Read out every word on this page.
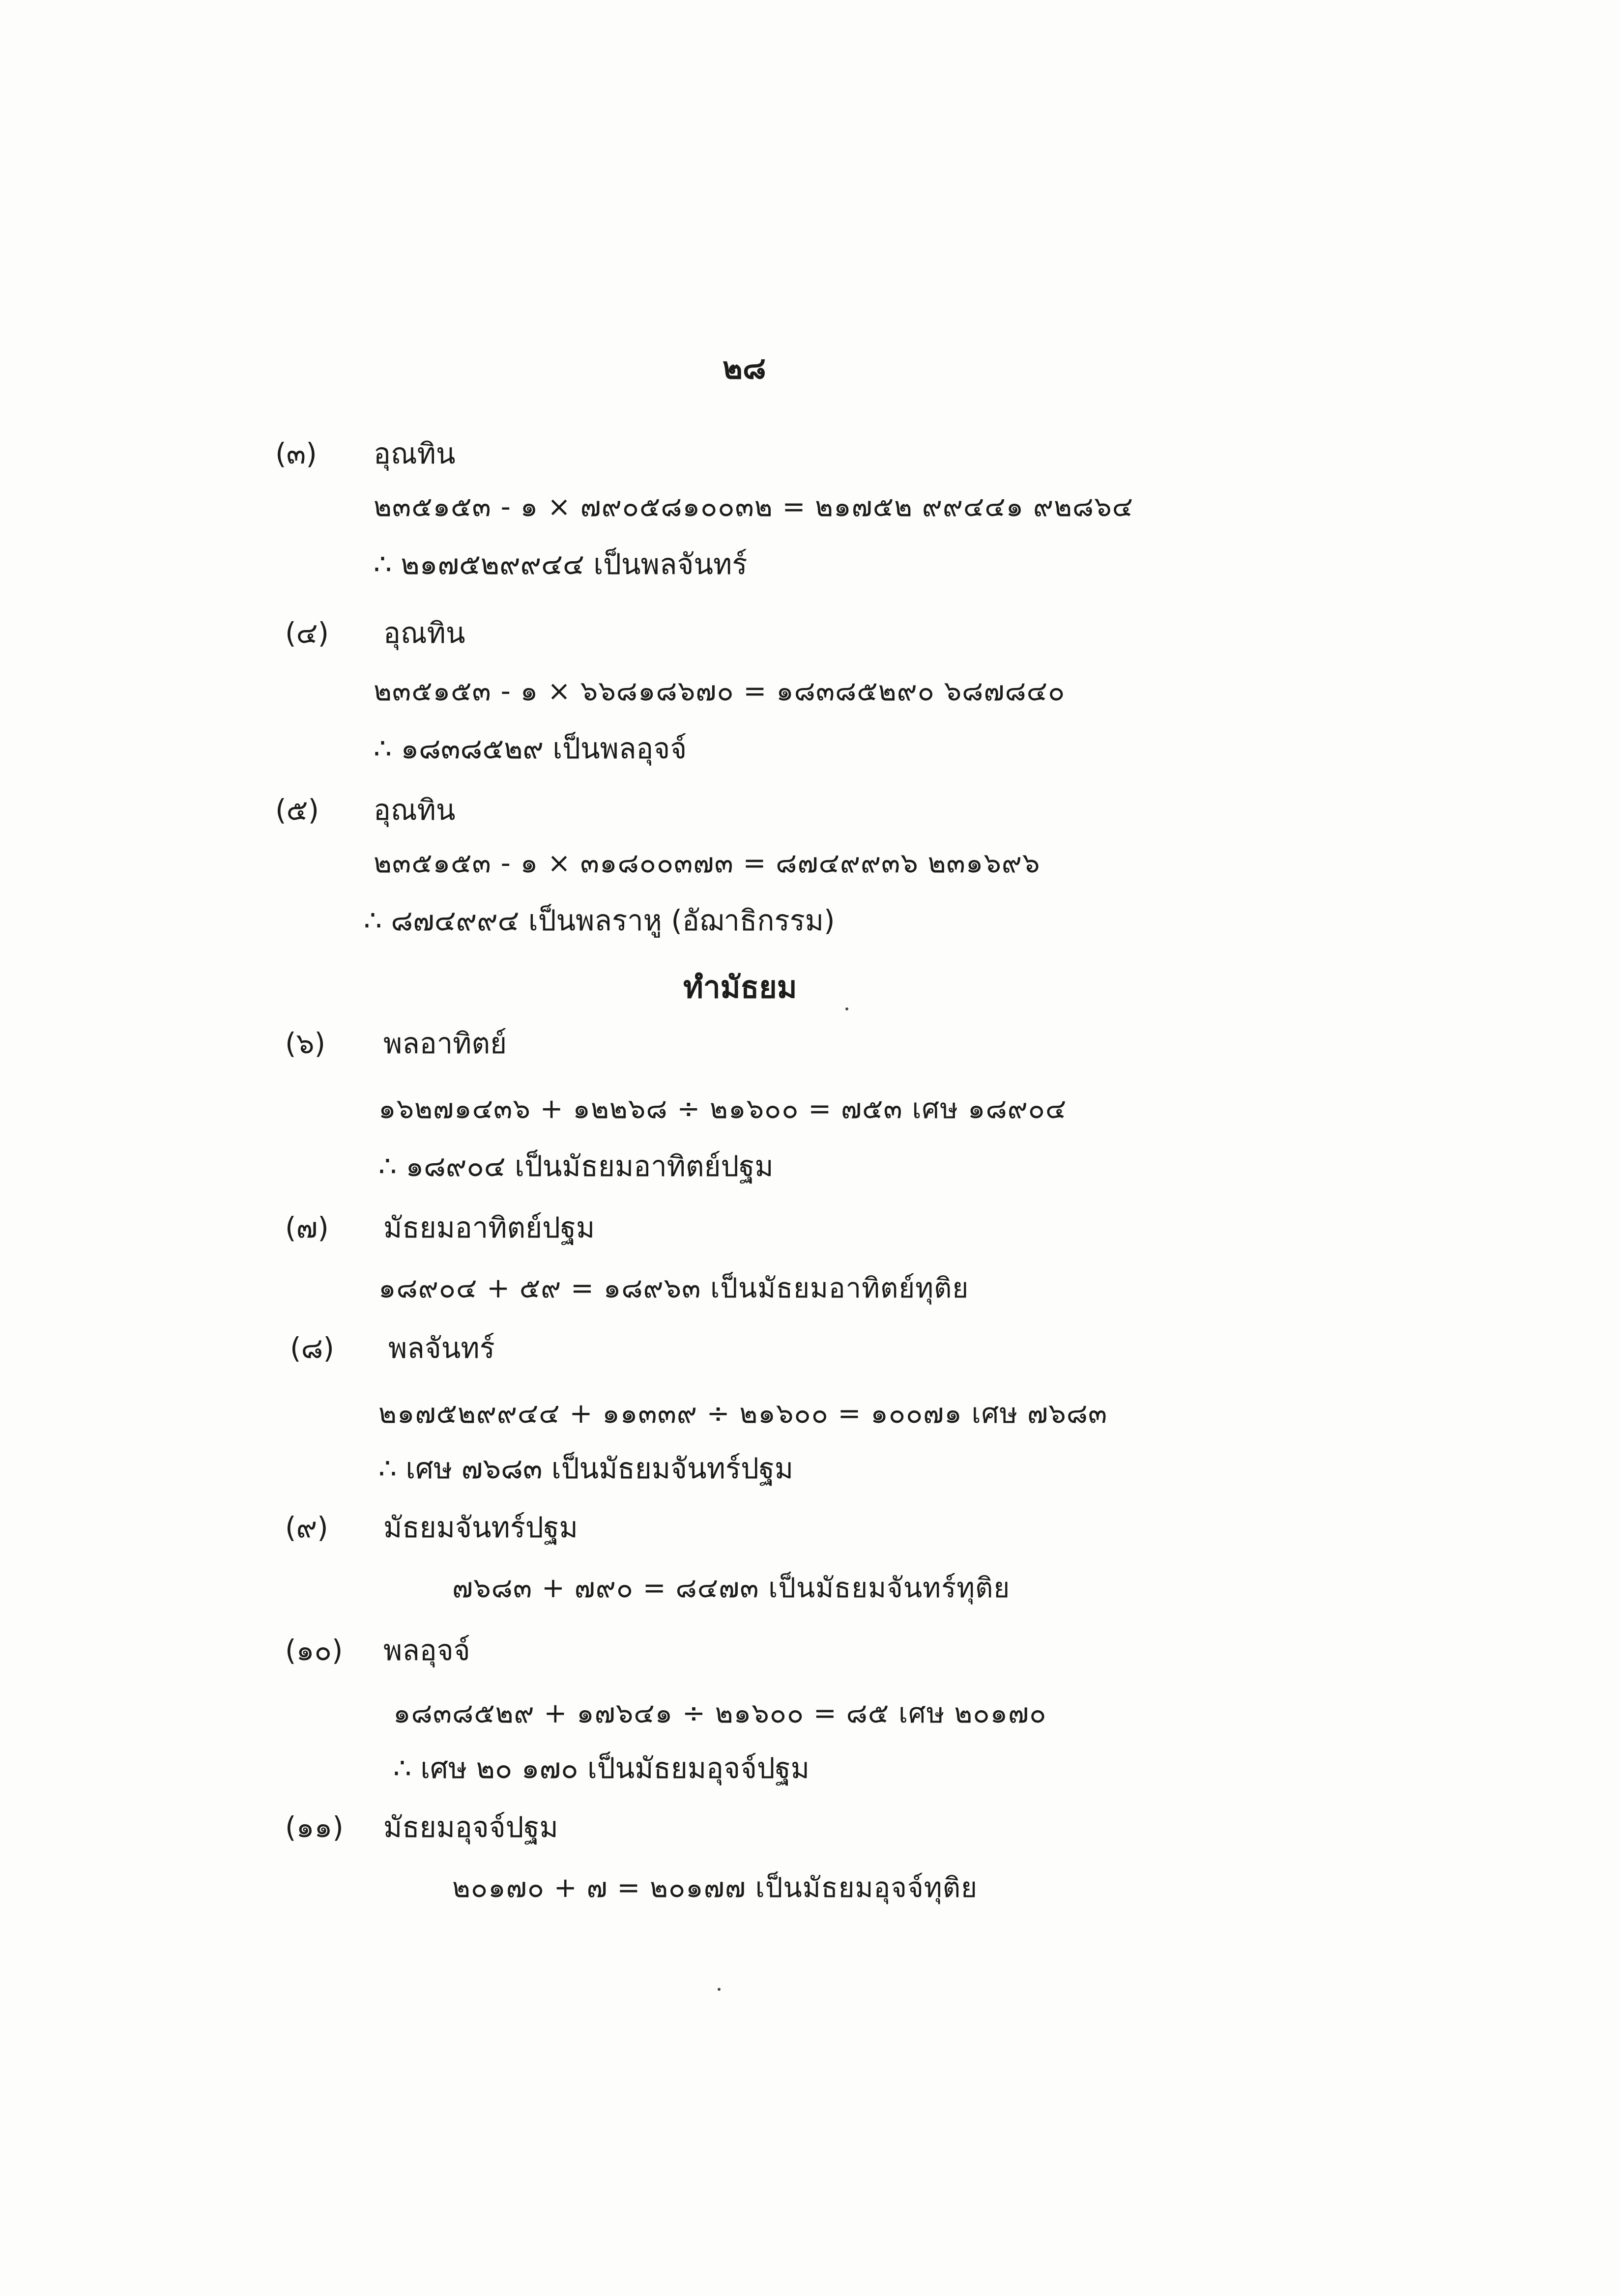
๒๘
(๓) อุณทิน
๒๓๕๑๕๓ - ๑ × ๗๙๐๕๘๑๐๐๓๒ = ๒๑๗๕๒ ๙๙๔๔๑ ๙๒๘๖๔
∴ ๒๑๗๕๒๙๙๔๔ เป็นพลจันทร์
(๔) อุณทิน
๒๓๕๑๕๓ - ๑ × ๖๖๘๑๘๖๗๐ = ๑๘๓๘๕๒๙๐ ๖๘๗๘๔๐
∴ ๑๘๓๘๕๒๙ เป็นพลอุจจ์
(๕) อุณทิน
๒๓๕๑๕๓ - ๑ × ๓๑๘๐๐๓๗๓ = ๘๗๔๙๙๓๖ ๒๓๑๖๙๖
∴ ๘๗๔๙๙๔ เป็นพลราหู (อัฌาธิกรรม)
ทำมัธยม
(๖) พลอาทิตย์
๑๖๒๗๑๔๓๖ + ๑๒๒๖๘ ÷ ๒๑๖๐๐ = ๗๕๓ เศษ ๑๘๙๐๔
∴ ๑๘๙๐๔ เป็นมัธยมอาทิตย์ปฐม
(๗) มัธยมอาทิตย์ปฐม
๑๘๙๐๔ + ๕๙ = ๑๘๙๖๓ เป็นมัธยมอาทิตย์ทุติย
(๘) พลจันทร์
๒๑๗๕๒๙๙๔๔ + ๑๑๓๓๙ ÷ ๒๑๖๐๐ = ๑๐๐๗๑ เศษ ๗๖๘๓
∴ เศษ ๗๖๘๓ เป็นมัธยมจันทร์ปฐม
(๙) มัธยมจันทร์ปฐม
๗๖๘๓ + ๗๙๐ = ๘๔๗๓ เป็นมัธยมจันทร์ทุติย
(๑๐) พลอุจจ์
๑๘๓๘๕๒๙ + ๑๗๖๔๑ ÷ ๒๑๖๐๐ = ๘๕ เศษ ๒๐๑๗๐
∴ เศษ ๒๐ ๑๗๐ เป็นมัธยมอุจจ์ปฐม
(๑๑) มัธยมอุจจ์ปฐม
๒๐๑๗๐ + ๗ = ๒๐๑๗๗ เป็นมัธยมอุจจ์ทุติย
